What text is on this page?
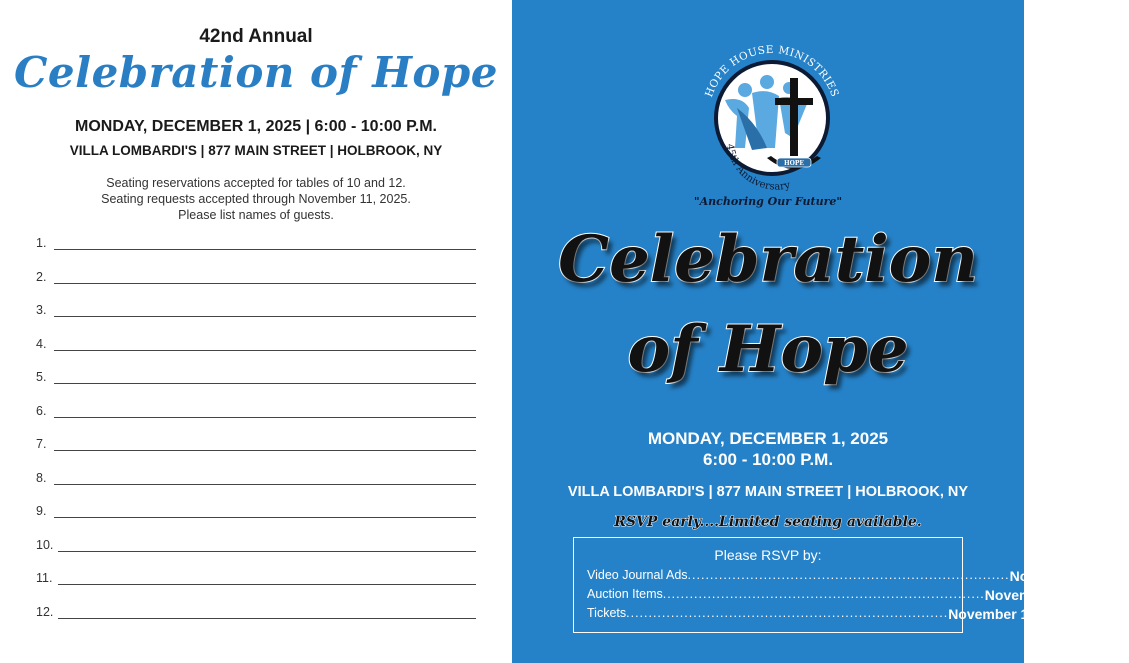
42nd Annual
Celebration of Hope
MONDAY, DECEMBER 1, 2025 | 6:00 - 10:00 P.M.
VILLA LOMBARDI'S | 877 MAIN STREET | HOLBROOK, NY
Seating reservations accepted for tables of 10 and 12.
Seating requests accepted through November 11, 2025.
Please list names of guests.
1.
2.
3.
4.
5.
6.
7.
8.
9.
10.
11.
12.
HOPE HOUSE MINISTRIES
1980-2025
HOPE
45th Anniversary
"Anchoring Our Future"
Celebration
of Hope
MONDAY, DECEMBER 1, 2025
6:00 - 10:00 P.M.
VILLA LOMBARDI'S | 877 MAIN STREET | HOLBROOK, NY
RSVP early....Limited seating available.
Please RSVP by:
Video Journal Ads ........................................................................ November 4, 2025
Auction Items ........................................................................ November 10, 2025
Tickets ........................................................................ November 11, 2025
